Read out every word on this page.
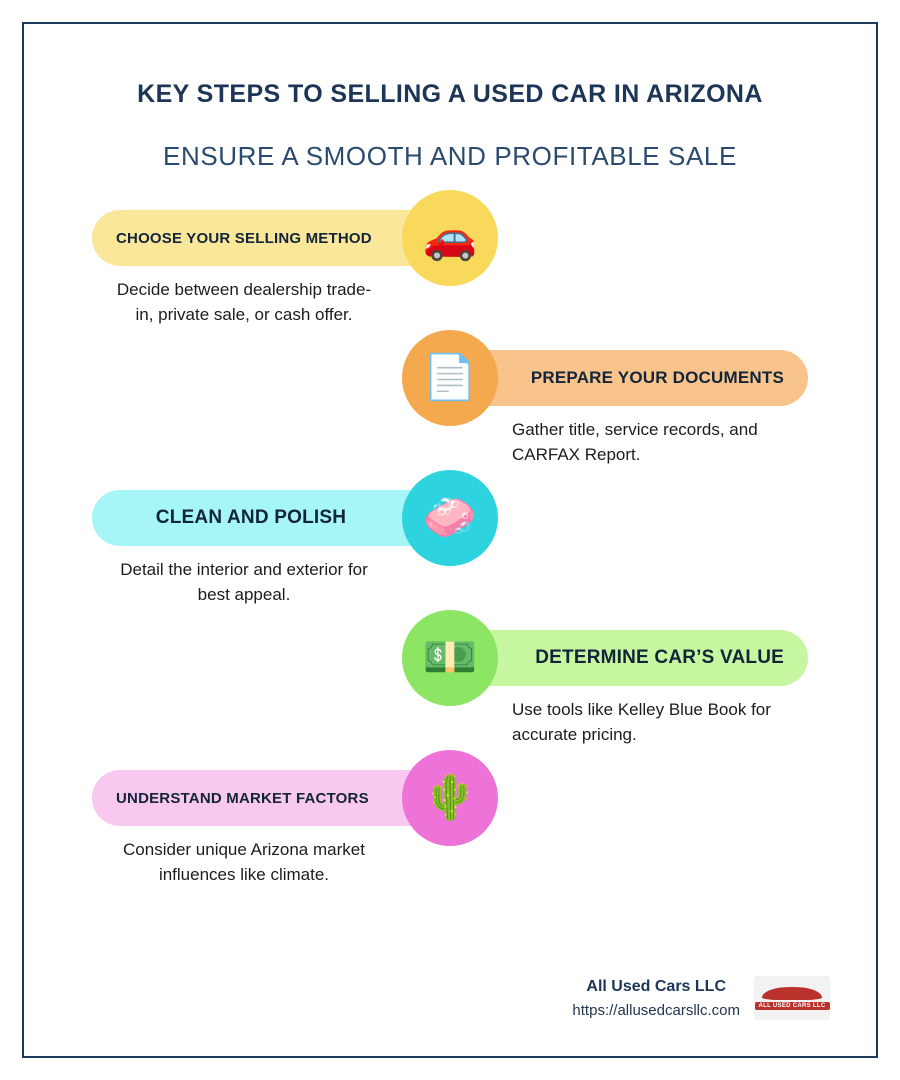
KEY STEPS TO SELLING A USED CAR IN ARIZONA
ENSURE A SMOOTH AND PROFITABLE SALE
CHOOSE YOUR SELLING METHOD 🚗
Decide between dealership trade-in, private sale, or cash offer.
PREPARE YOUR DOCUMENTS
📄
Gather title, service records, and CARFAX Report.
CLEAN AND POLISH	🧼
Detail the interior and exterior for best appeal.
DETERMINE CAR’S VALUE
💵
Use tools like Kelley Blue Book for accurate pricing.
UNDERSTAND MARKET FACTORS 🌵
Consider unique Arizona market influences like climate.
All Used Cars LLC
https://allusedcarsllc.com	ALL USED CARS LLC
